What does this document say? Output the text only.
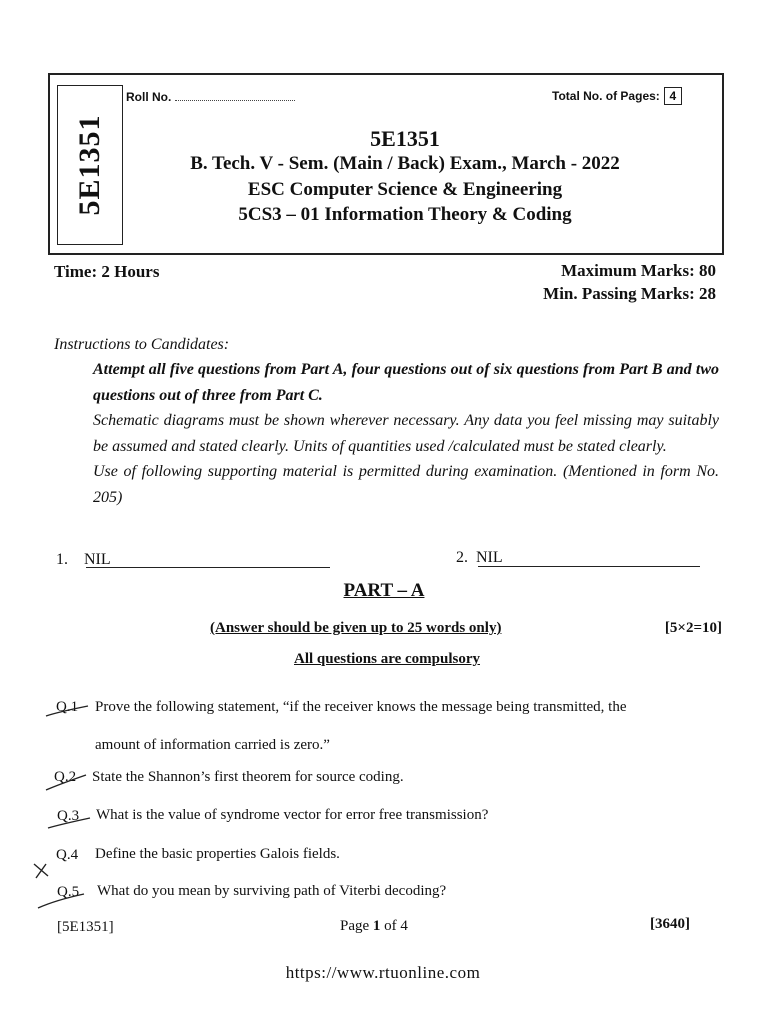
5E1351
Roll No.	Total No. of Pages: 4
5E1351
B. Tech. V - Sem. (Main / Back) Exam., March - 2022
ESC Computer Science & Engineering
5CS3 – 01 Information Theory & Coding
Time: 2 Hours	Maximum Marks: 80
Min. Passing Marks: 28
Instructions to Candidates:

Attempt all five questions from Part A, four questions out of six questions from Part B and two questions out of three from Part C.

Schematic diagrams must be shown wherever necessary. Any data you feel missing may suitably be assumed and stated clearly. Units of quantities used /calculated must be stated clearly.

Use of following supporting material is permitted during examination. (Mentioned in form No. 205)

1. NIL	2. NIL
PART – A
(Answer should be given up to 25 words only)	[5×2=10]
All questions are compulsory
Q.1 Prove the following statement, “if the receiver knows the message being transmitted, the
amount of information carried is zero.”
Q.2 State the Shannon’s first theorem for source coding.
Q.3 What is the value of syndrome vector for error free transmission?
Q.4 Define the basic properties Galois fields.
Q.5 What do you mean by surviving path of Viterbi decoding?
[5E1351]	Page 1 of 4	[3640]
https://www.rtuonline.com
